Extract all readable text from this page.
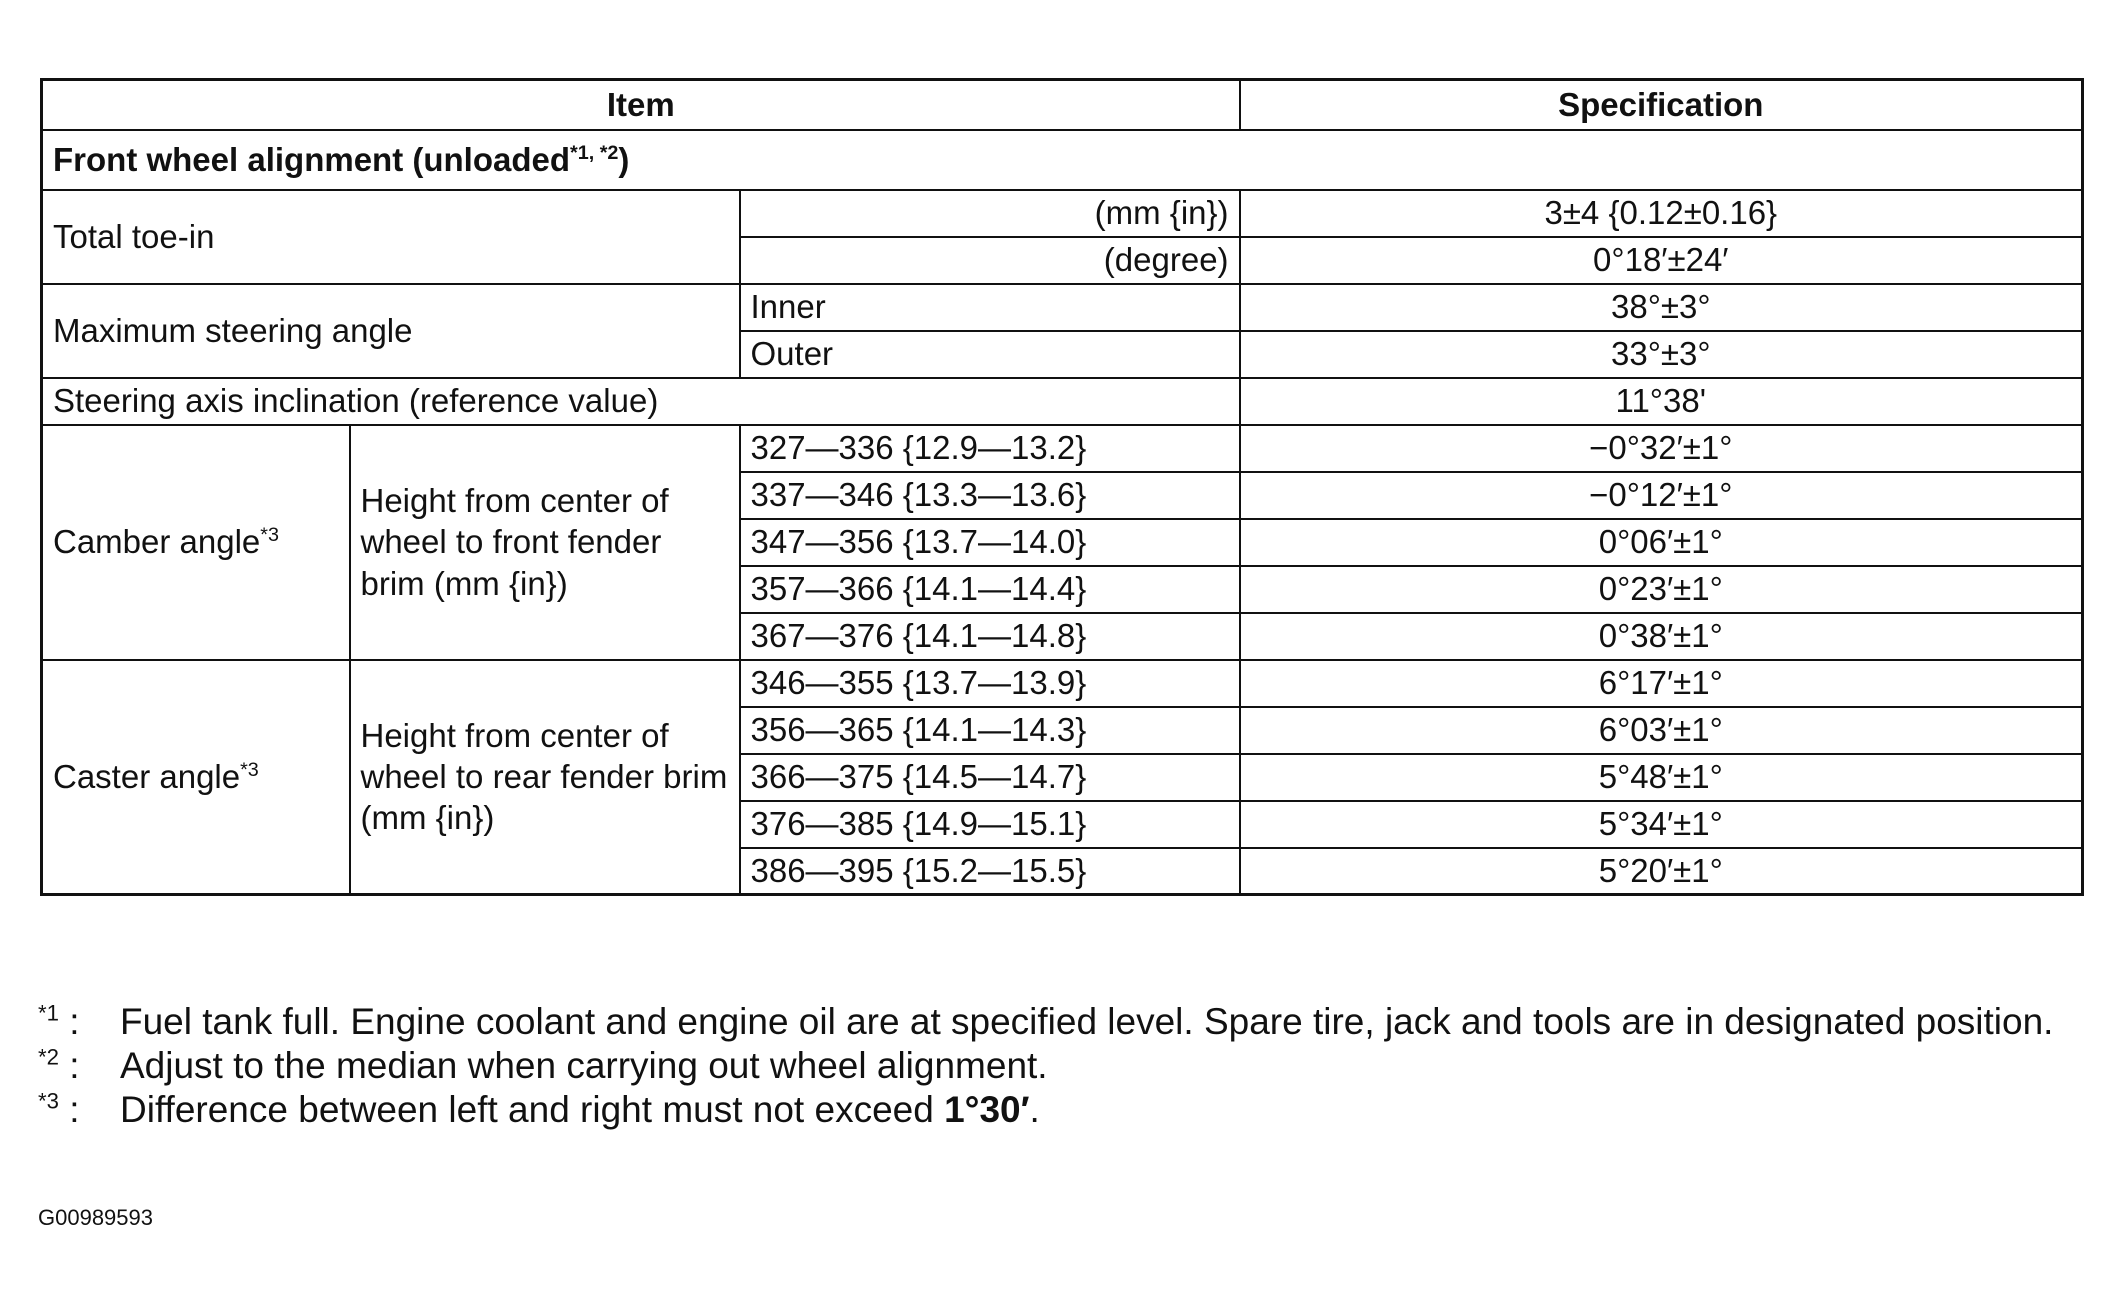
Item			Specification
Front wheel alignment (unloaded$^{*1, *2}$)			
Total toe-in		(mm {in})	3±4 {0.12±0.16}
		(degree)	0°18′±24′
Maximum steering angle		Inner	38°±3°
		Outer	33°±3°
Steering axis inclination (reference value)			11°38'
Camber angle$^{*3}$	Height from center of wheel to front fender brim (mm {in})	327—336 {12.9—13.2}	−0°32′±1°
		337—346 {13.3—13.6}	−0°12′±1°
		347—356 {13.7—14.0}	0°06′±1°
		357—366 {14.1—14.4}	0°23′±1°
		367—376 {14.1—14.8}	0°38′±1°
Caster angle$^{*3}$	Height from center of wheel to rear fender brim (mm {in})	346—355 {13.7—13.9}	6°17′±1°
		356—365 {14.1—14.3}	6°03′±1°
		366—375 {14.5—14.7}	5°48′±1°
		376—385 {14.9—15.1}	5°34′±1°
		386—395 {15.2—15.5}	5°20′±1°
$^{*1}$ :	Fuel tank full. Engine coolant and engine oil are at specified level. Spare tire, jack and tools are in designated position.
$^{*2}$ :	Adjust to the median when carrying out wheel alignment.
$^{*3}$ :	Difference between left and right must not exceed 1°30′.
G00989593
